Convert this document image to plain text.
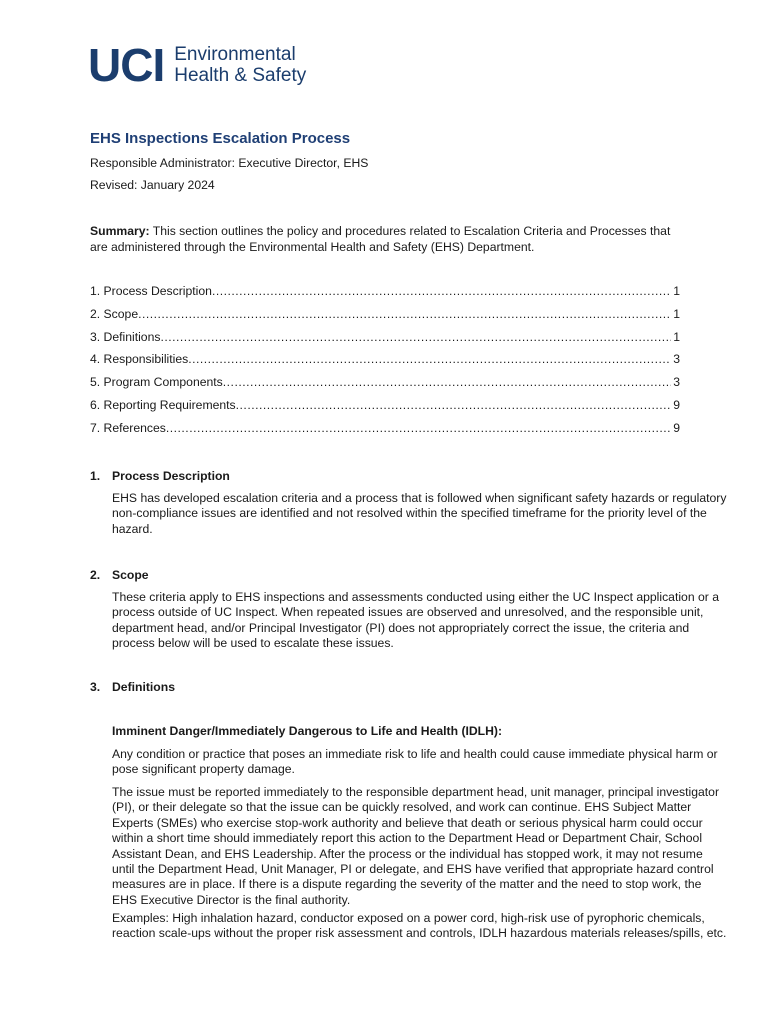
UCI Environmental
Health & Safety
EHS Inspections Escalation Process
Responsible Administrator: Executive Director, EHS
Revised: January 2024
Summary: This section outlines the policy and procedures related to Escalation Criteria and Processes that are administered through the Environmental Health and Safety (EHS) Department.
1. Process Description .....	1
2. Scope .....	1
3. Definitions .....	1
4. Responsibilities .....	3
5. Program Components .....	3
6. Reporting Requirements .....	9
7. References .....	9
1. Process Description
EHS has developed escalation criteria and a process that is followed when significant safety hazards or regulatory non-compliance issues are identified and not resolved within the specified timeframe for the priority level of the hazard.
2. Scope
These criteria apply to EHS inspections and assessments conducted using either the UC Inspect application or a process outside of UC Inspect. When repeated issues are observed and unresolved, and the responsible unit, department head, and/or Principal Investigator (PI) does not appropriately correct the issue, the criteria and process below will be used to escalate these issues.
3. Definitions
Imminent Danger/Immediately Dangerous to Life and Health (IDLH):
Any condition or practice that poses an immediate risk to life and health could cause immediate physical harm or pose significant property damage.
The issue must be reported immediately to the responsible department head, unit manager, principal investigator (PI), or their delegate so that the issue can be quickly resolved, and work can continue. EHS Subject Matter Experts (SMEs) who exercise stop-work authority and believe that death or serious physical harm could occur within a short time should immediately report this action to the Department Head or Department Chair, School Assistant Dean, and EHS Leadership. After the process or the individual has stopped work, it may not resume until the Department Head, Unit Manager, PI or delegate, and EHS have verified that appropriate hazard control measures are in place. If there is a dispute regarding the severity of the matter and the need to stop work, the EHS Executive Director is the final authority.
Examples: High inhalation hazard, conductor exposed on a power cord, high-risk use of pyrophoric chemicals, reaction scale-ups without the proper risk assessment and controls, IDLH hazardous materials releases/spills, etc.
